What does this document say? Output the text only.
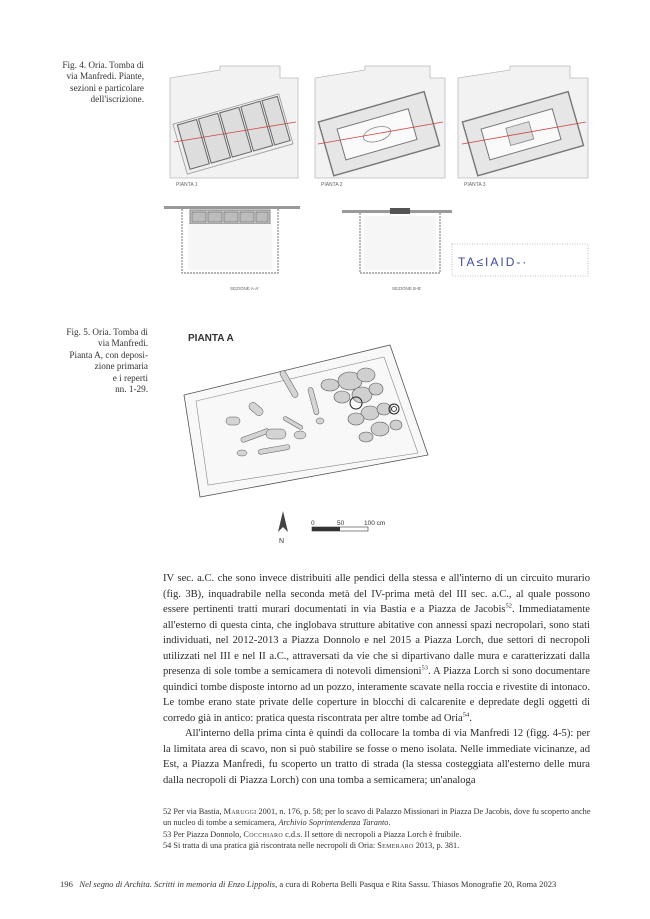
Fig. 4. Oria. Tomba di
via Manfredi. Piante,
sezioni e particolare
dell'iscrizione.
PIANTA 1	PIANTA 2	PIANTA 3
SEZIONE A-A'	SEZIONE B-B'
TA≤IAID-·
Fig. 5. Oria. Tomba di
via Manfredi.
Pianta A, con deposi-
zione primaria
e i reperti
nn. 1-29.
PIANTA A
N
0	50	100 cm

IV sec. a.C. che sono invece distribuiti alle pendici della stessa e all'interno di un circuito murario (fig. 3B), inquadrabile nella seconda metà del IV-prima metà del III sec. a.C., al quale possono essere pertinenti tratti murari documentati in via Bastia e a Piazza de Jacobis$^{52}$. Immediatamente all'esterno di questa cinta, che inglobava strutture abitative con annessi spazi necropolari, sono stati individuati, nel 2012-2013 a Piazza Donnolo e nel 2015 a Piazza Lorch, due settori di necropoli utilizzati nel III e nel II a.C., attraversati da vie che si dipartivano dalle mura e caratterizzati dalla presenza di sole tombe a semicamera di notevoli dimensioni$^{53}$. A Piazza Lorch si sono documentare quindici tombe disposte intorno ad un pozzo, interamente scavate nella roccia e rivestite di intonaco. Le tombe erano state private delle coperture in blocchi di calcarenite e depredate degli oggetti di corredo già in antico: pratica questa riscontrata per altre tombe ad Oria$^{54}$.

All'interno della prima cinta è quindi da collocare la tomba di via Manfredi 12 (figg. 4-5): per la limitata area di scavo, non si può stabilire se fosse o meno isolata. Nelle immediate vicinanze, ad Est, a Piazza Manfredi, fu scoperto un tratto di strada (la stessa costeggiata all'esterno delle mura dalla necropoli di Piazza Lorch) con una tomba a semicamera; un'analoga

52 Per via Bastia, Maruggi 2001, n. 176, p. 58; per lo scavo di Palazzo Missionari in Piazza De Jacobis, dove fu scoperto anche un nucleo di tombe a semicamera, Archivio Soprintendenza Taranto.
53 Per Piazza Donnolo, Cocchiaro c.d.s. Il settore di necropoli a Piazza Lorch è fruibile.
54 Si tratta di una pratica già riscontrata nelle necropoli di Oria: Semeraro 2013, p. 381.
196 Nel segno di Archita. Scritti in memoria di Enzo Lippolis, a cura di Roberta Belli Pasqua e Rita Sassu. Thiasos Monografie 20, Roma 2023
